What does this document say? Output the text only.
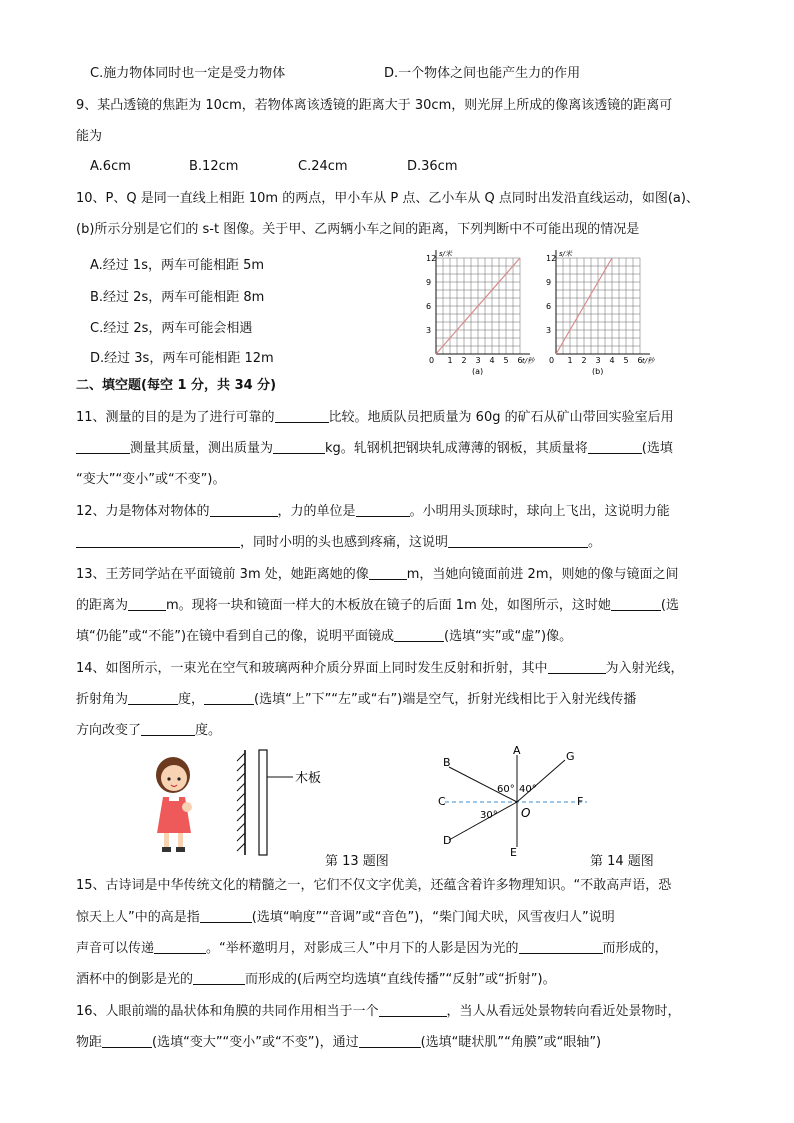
C.施力物体同时也一定是受力物体	D.一个物体之间也能产生力的作用
9、某凸透镜的焦距为 10cm，若物体离该透镜的距离大于 30cm，则光屏上所成的像离该透镜的距离可
能为
A.6cm	B.12cm	C.24cm	D.36cm
10、P、Q 是同一直线上相距 10m 的两点，甲小车从 P 点、乙小车从 Q 点同时出发沿直线运动，如图(a)、
(b)所示分别是它们的 s-t 图像。关于甲、乙两辆小车之间的距离，下列判断中不可能出现的情况是
A.经过 1s，两车可能相距 5m
B.经过 2s，两车可能相距 8m
C.经过 2s，两车可能会相遇
D.经过 3s，两车可能相距 12m
s/米
t/秒
0
3
6
9
12
1 2 3 4 5 6
(a)
s/米
t/秒
0
3
6
9
12
1 2 3 4 5 6
(b)
二、填空题(每空 1 分，共 34 分)
11、测量的目的是为了进行可靠的	比较。地质队员把质量为 60g 的矿石从矿山带回实验室后用
测量其质量，测出质量为	kg。轧钢机把钢块轧成薄薄的钢板，其质量将	(选填
“变大”“变小”或“不变”)。
12、力是物体对物体的	，力的单位是	。小明用头顶球时，球向上飞出，这说明力能
，同时小明的头也感到疼痛，这说明	。
13、王芳同学站在平面镜前 3m 处，她距离她的像	m，当她向镜面前进 2m，则她的像与镜面之间
的距离为	m。现将一块和镜面一样大的木板放在镜子的后面 1m 处，如图所示，这时她	(选
填“仍能”或“不能”)在镜中看到自己的像，说明平面镜成	(选填“实”或“虚”)像。
14、如图所示，一束光在空气和玻璃两种介质分界面上同时发生反射和折射，其中	为入射光线，
折射角为	度，	(选填“上”下”“左”或“右”)端是空气，折射光线相比于入射光线传播
方向改变了	度。
木板
第 13 题图
A
B	G
C	F
D
E
O
60° 40°
30°
第 14 题图
15、古诗词是中华传统文化的精髓之一，它们不仅文字优美，还蕴含着许多物理知识。“不敢高声语，恐
惊天上人”中的高是指	(选填“响度”“音调”或“音色”)，“柴门闻犬吠，风雪夜归人”说明
声音可以传递	。“举杯邀明月，对影成三人”中月下的人影是因为光的	而形成的，
酒杯中的倒影是光的	而形成的(后两空均选填“直线传播”“反射”或“折射”)。
16、人眼前端的晶状体和角膜的共同作用相当于一个	，当人从看远处景物转向看近处景物时，
物距	(选填“变大”“变小”或“不变”)，通过	(选填“睫状肌”“角膜”或“眼轴”)
